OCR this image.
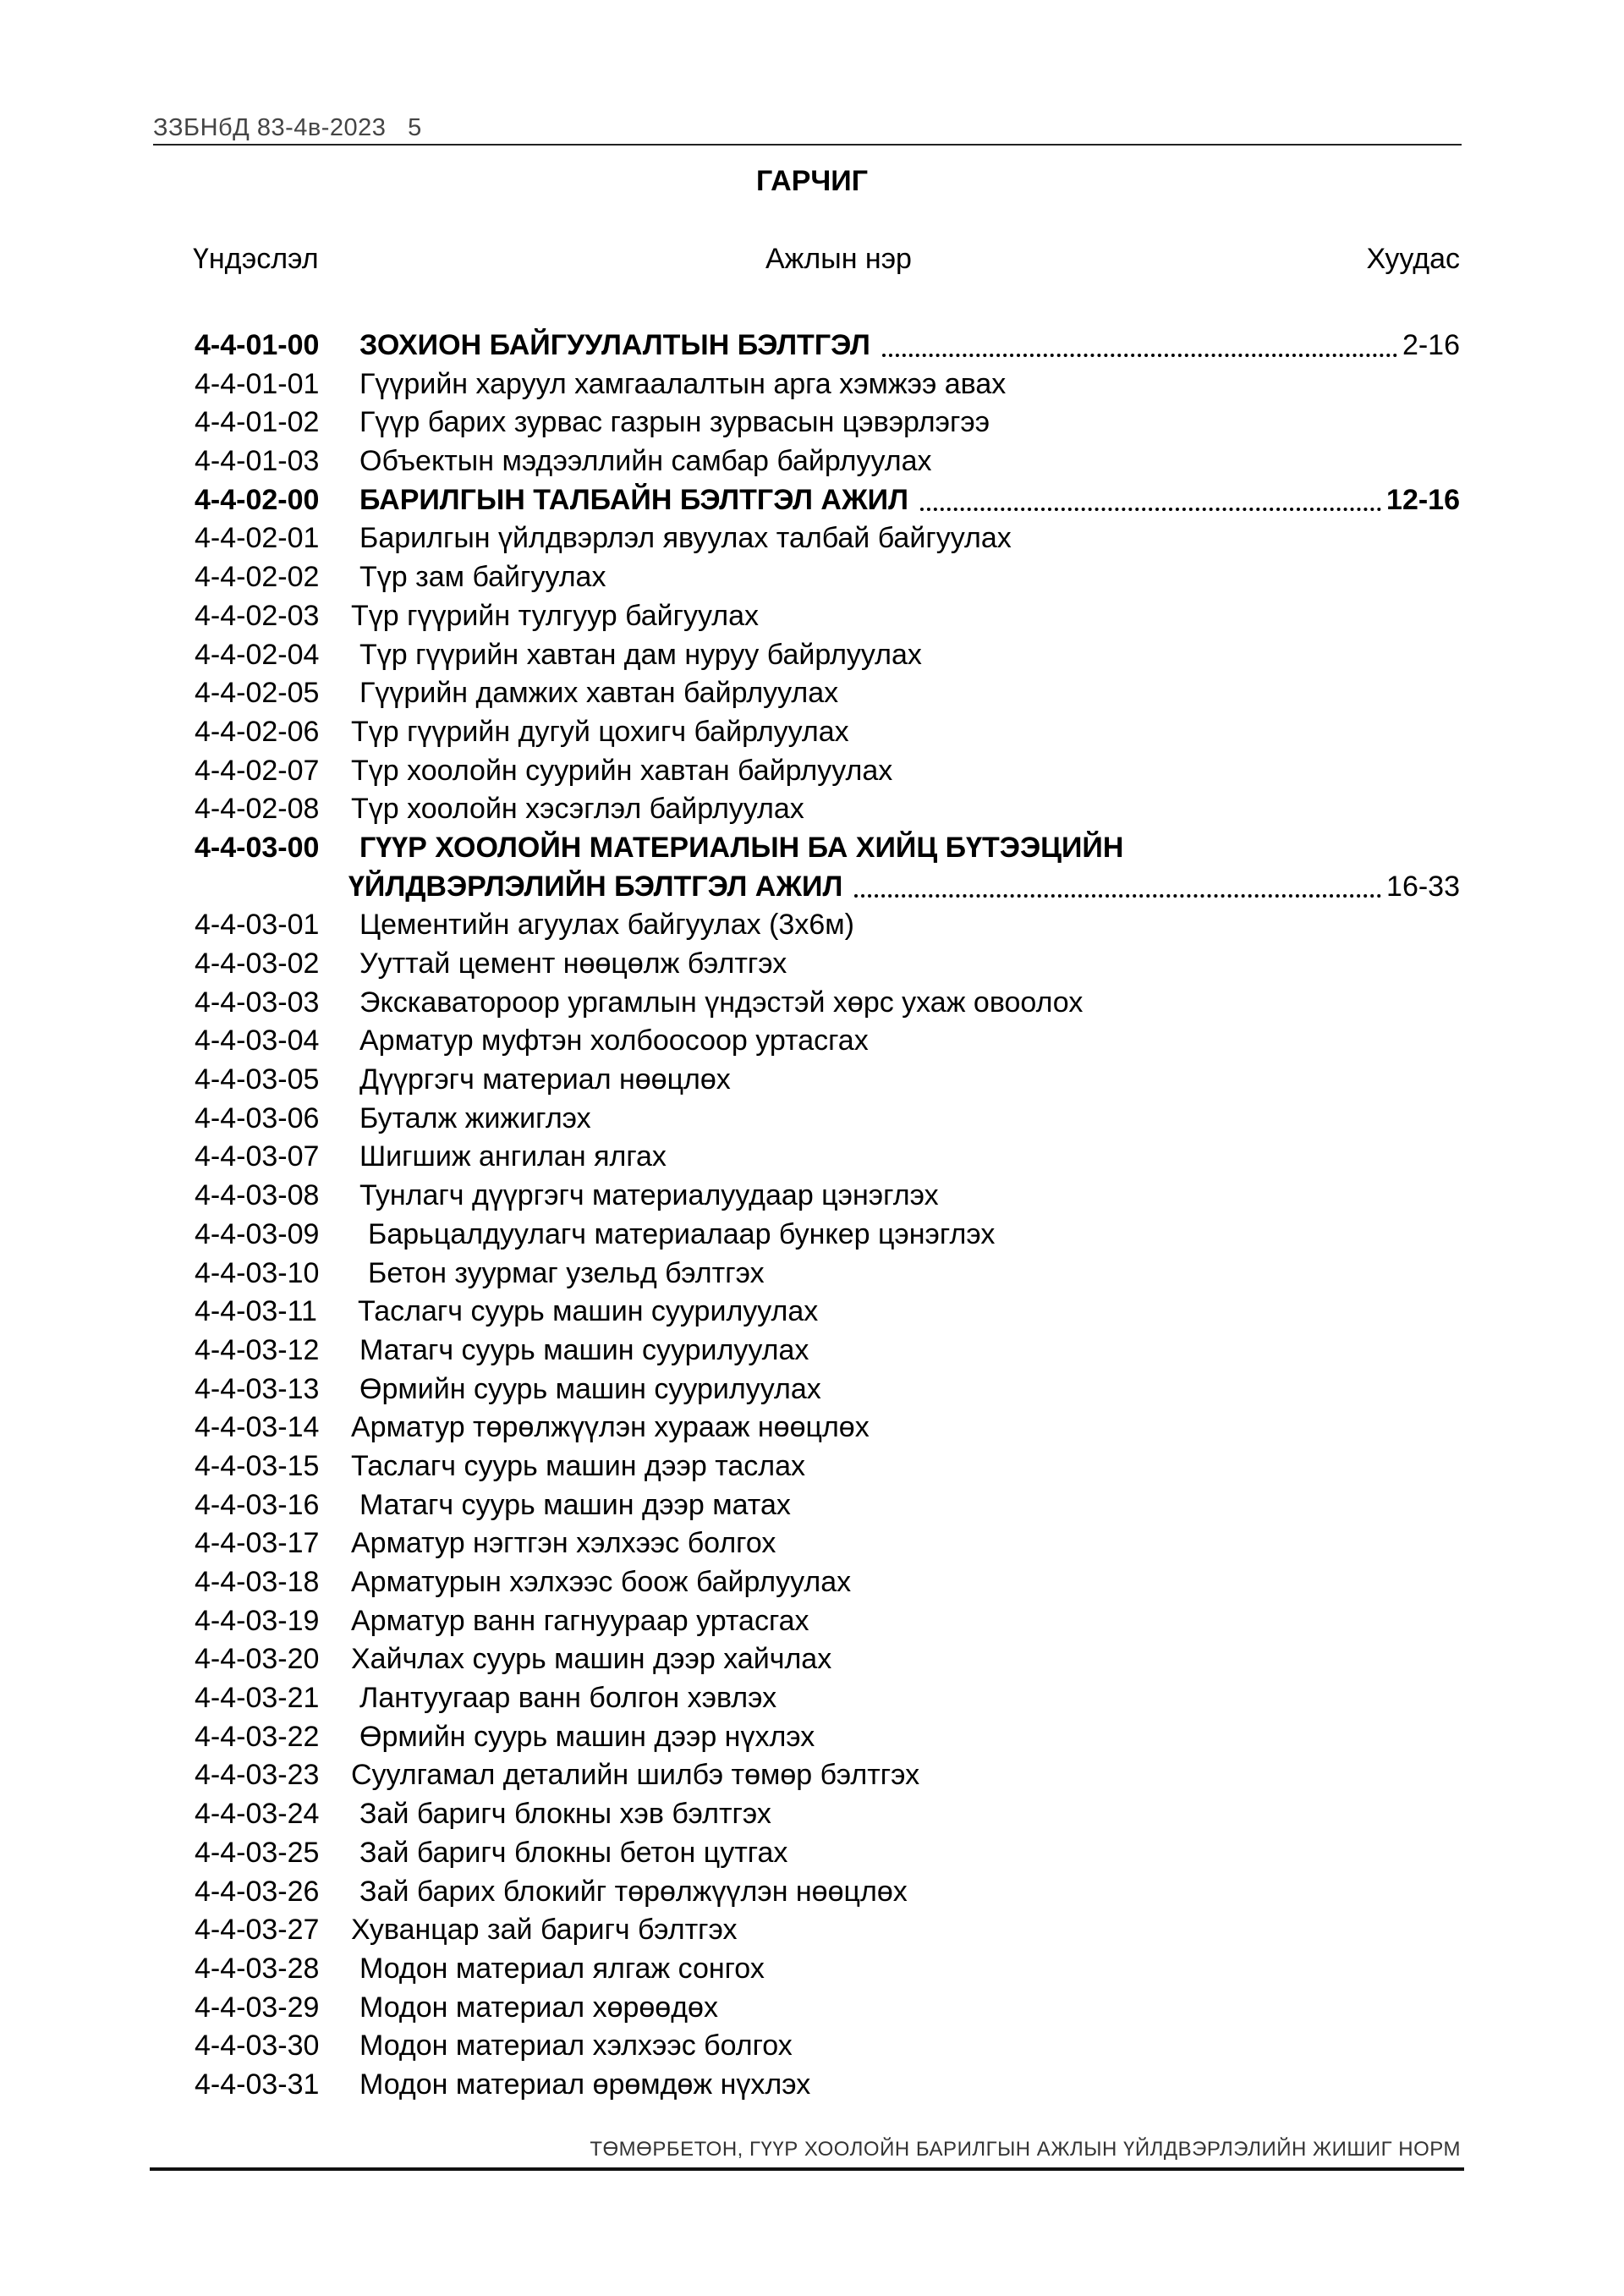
ЗЗБНбД 83-4в-2023 5
ГАРЧИГ
Үндэслэл	Ажлын нэр	Хуудас
4-4-01-00 ЗОХИОН БАЙГУУЛАЛТЫН БЭЛТГЭЛ	2-16
4-4-01-01 Гүүрийн харуул хамгаалалтын арга хэмжээ авах
4-4-01-02 Гүүр барих зурвас газрын зурвасын цэвэрлэгээ
4-4-01-03 Объектын мэдээллийн самбар байрлуулах
4-4-02-00 БАРИЛГЫН ТАЛБАЙН БЭЛТГЭЛ АЖИЛ	12-16
4-4-02-01 Барилгын үйлдвэрлэл явуулах талбай байгуулах
4-4-02-02 Түр зам байгуулах
4-4-02-03 Түр гүүрийн тулгуур байгуулах
4-4-02-04 Түр гүүрийн хавтан дам нуруу байрлуулах
4-4-02-05 Гүүрийн дамжих хавтан байрлуулах
4-4-02-06 Түр гүүрийн дугуй цохигч байрлуулах
4-4-02-07 Түр хоолойн суурийн хавтан байрлуулах
4-4-02-08 Түр хоолойн хэсэглэл байрлуулах
4-4-03-00 ГҮҮР ХООЛОЙН МАТЕРИАЛЫН БА ХИЙЦ БҮТЭЭЦИЙН
ҮЙЛДВЭРЛЭЛИЙН БЭЛТГЭЛ АЖИЛ	16-33
4-4-03-01 Цементийн агуулах байгуулах (3х6м)
4-4-03-02 Ууттай цемент нөөцөлж бэлтгэх
4-4-03-03 Экскаватороор ургамлын үндэстэй хөрс ухаж овоолох
4-4-03-04 Арматур муфтэн холбоосоор уртасгах
4-4-03-05 Дүүргэгч материал нөөцлөх
4-4-03-06 Буталж жижиглэх
4-4-03-07 Шигшиж ангилан ялгах
4-4-03-08 Тунлагч дүүргэгч материалуудаар цэнэглэх
4-4-03-09 Барьцалдуулагч материалаар бункер цэнэглэх
4-4-03-10 Бетон зуурмаг узельд бэлтгэх
4-4-03-11 Таслагч суурь машин суурилуулах
4-4-03-12 Матагч суурь машин суурилуулах
4-4-03-13 Өрмийн суурь машин суурилуулах
4-4-03-14 Арматур төрөлжүүлэн хурааж нөөцлөх
4-4-03-15 Таслагч суурь машин дээр таслах
4-4-03-16 Матагч суурь машин дээр матах
4-4-03-17 Арматур нэгтгэн хэлхээс болгох
4-4-03-18 Арматурын хэлхээс боож байрлуулах
4-4-03-19 Арматур ванн гагнуураар уртасгах
4-4-03-20 Хайчлах суурь машин дээр хайчлах
4-4-03-21 Лантуугаар ванн болгон хэвлэх
4-4-03-22 Өрмийн суурь машин дээр нүхлэх
4-4-03-23 Суулгамал деталийн шилбэ төмөр бэлтгэх
4-4-03-24 Зай баригч блокны хэв бэлтгэх
4-4-03-25 Зай баригч блокны бетон цутгах
4-4-03-26 Зай барих блокийг төрөлжүүлэн нөөцлөх
4-4-03-27 Хуванцар зай баригч бэлтгэх
4-4-03-28 Модон материал ялгаж сонгох
4-4-03-29 Модон материал хөрөөдөх
4-4-03-30 Модон материал хэлхээс болгох
4-4-03-31 Модон материал өрөмдөж нүхлэх
ТӨМӨРБЕТОН, ГҮҮР ХООЛОЙН БАРИЛГЫН АЖЛЫН ҮЙЛДВЭРЛЭЛИЙН ЖИШИГ НОРМ
